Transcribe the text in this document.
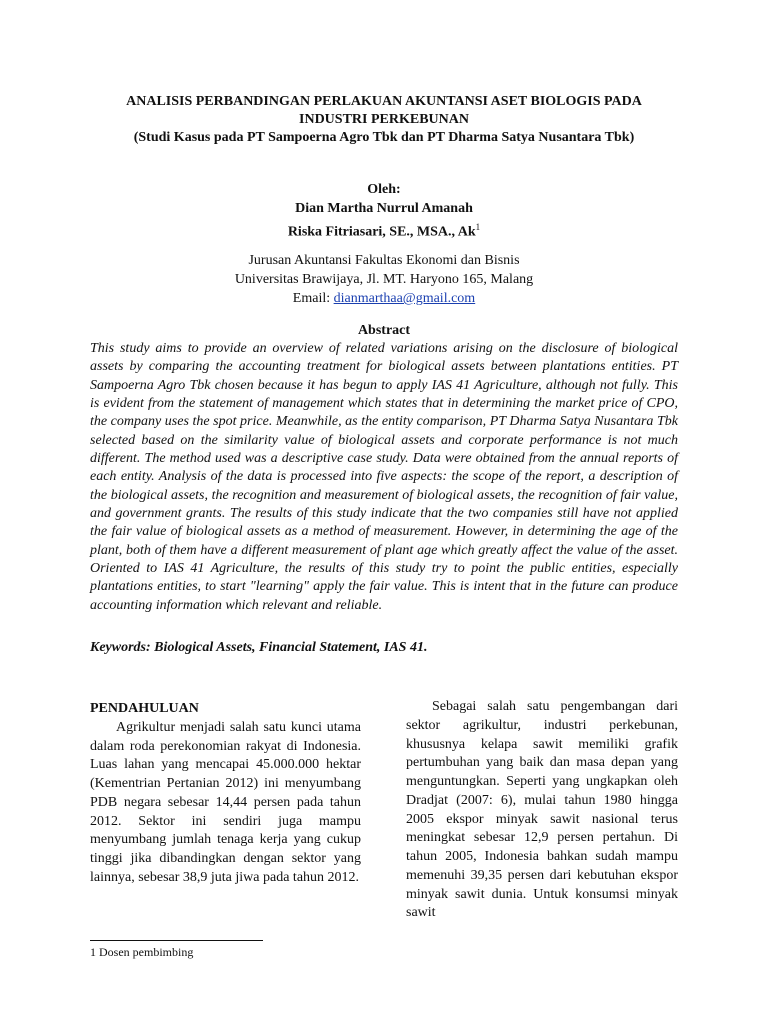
ANALISIS PERBANDINGAN PERLAKUAN AKUNTANSI ASET BIOLOGIS PADA
INDUSTRI PERKEBUNAN
(Studi Kasus pada PT Sampoerna Agro Tbk dan PT Dharma Satya Nusantara Tbk)
Oleh:
Dian Martha Nurrul Amanah
Riska Fitriasari, SE., MSA., Ak$^1$
Jurusan Akuntansi Fakultas Ekonomi dan Bisnis
Universitas Brawijaya, Jl. MT. Haryono 165, Malang
Email: dianmarthaa@gmail.com
Abstract
This study aims to provide an overview of related variations arising on the disclosure of biological assets by comparing the accounting treatment for biological assets between plantations entities. PT Sampoerna Agro Tbk chosen because it has begun to apply IAS 41 Agriculture, although not fully. This is evident from the statement of management which states that in determining the market price of CPO, the company uses the spot price. Meanwhile, as the entity comparison, PT Dharma Satya Nusantara Tbk selected based on the similarity value of biological assets and corporate performance is not much different. The method used was a descriptive case study. Data were obtained from the annual reports of each entity. Analysis of the data is processed into five aspects: the scope of the report, a description of the biological assets, the recognition and measurement of biological assets, the recognition of fair value, and government grants. The results of this study indicate that the two companies still have not applied the fair value of biological assets as a method of measurement. However, in determining the age of the plant, both of them have a different measurement of plant age which greatly affect the value of the asset. Oriented to IAS 41 Agriculture, the results of this study try to point the public entities, especially plantations entities, to start "learning" apply the fair value. This is intent that in the future can produce accounting information which relevant and reliable.
Keywords: Biological Assets, Financial Statement, IAS 41.
PENDAHULUAN

Agrikultur menjadi salah satu kunci utama dalam roda perekonomian rakyat di Indonesia. Luas lahan yang mencapai 45.000.000 hektar (Kementrian Pertanian 2012) ini menyumbang PDB negara sebesar 14,44 persen pada tahun 2012. Sektor ini sendiri juga mampu menyumbang jumlah tenaga kerja yang cukup tinggi jika dibandingkan dengan sektor yang lainnya, sebesar 38,9 juta jiwa pada tahun 2012.

Sebagai salah satu pengembangan dari sektor agrikultur, industri perkebunan, khususnya kelapa sawit memiliki grafik pertumbuhan yang baik dan masa depan yang menguntungkan. Seperti yang ungkapkan oleh Dradjat (2007: 6), mulai tahun 1980 hingga 2005 ekspor minyak sawit nasional terus meningkat sebesar 12,9 persen pertahun. Di tahun 2005, Indonesia bahkan sudah mampu memenuhi 39,35 persen dari kebutuhan ekspor minyak sawit dunia. Untuk konsumsi minyak sawit

1 Dosen pembimbing
